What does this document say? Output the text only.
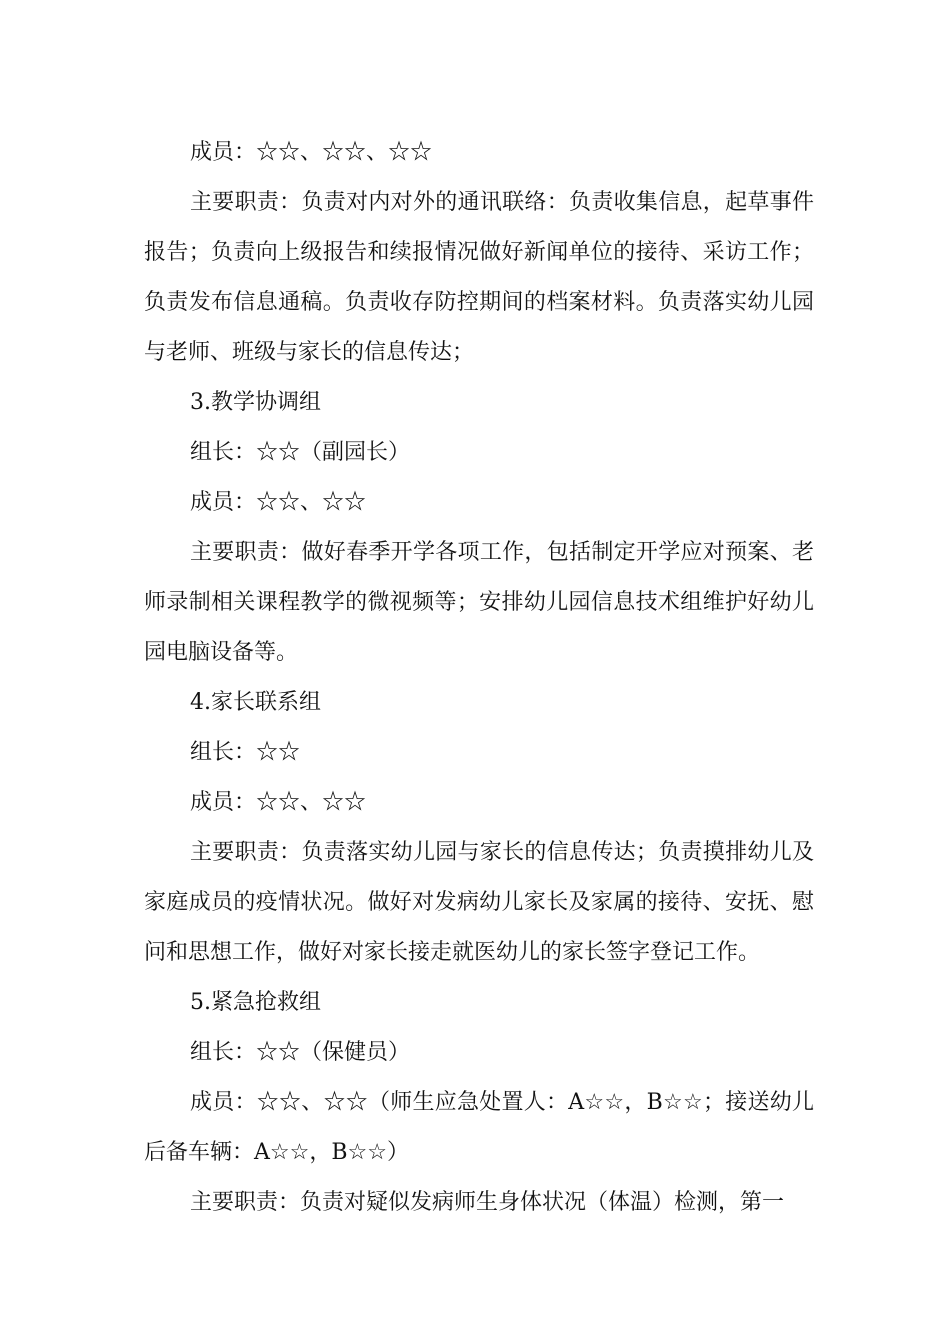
成员：☆☆、☆☆、☆☆

主要职责：负责对内对外的通讯联络：负责收集信息，起草事件报告；负责向上级报告和续报情况做好新闻单位的接待、采访工作；负责发布信息通稿。负责收存防控期间的档案材料。负责落实幼儿园与老师、班级与家长的信息传达；

3.教学协调组

组长：☆☆（副园长）

成员：☆☆、☆☆

主要职责：做好春季开学各项工作，包括制定开学应对预案、老师录制相关课程教学的微视频等；安排幼儿园信息技术组维护好幼儿园电脑设备等。

4.家长联系组

组长：☆☆

成员：☆☆、☆☆

主要职责：负责落实幼儿园与家长的信息传达；负责摸排幼儿及家庭成员的疫情状况。做好对发病幼儿家长及家属的接待、安抚、慰问和思想工作，做好对家长接走就医幼儿的家长签字登记工作。

5.紧急抢救组

组长：☆☆（保健员）

成员：☆☆、☆☆（师生应急处置人：A☆☆，B☆☆；接送幼儿后备车辆：A☆☆，B☆☆）

主要职责：负责对疑似发病师生身体状况（体温）检测，第一
